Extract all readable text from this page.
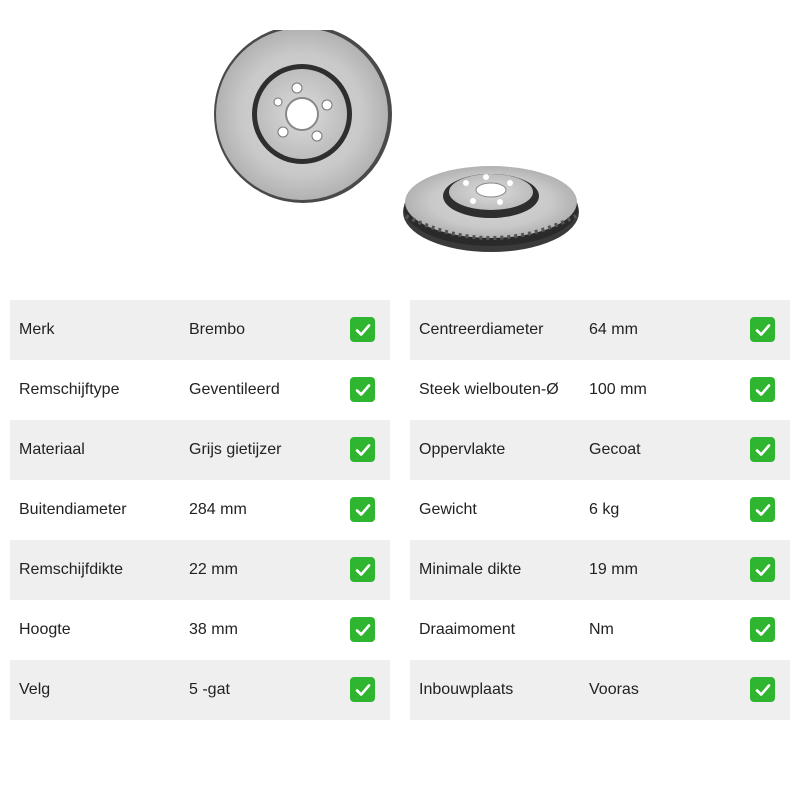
Merk	Brembo
Remschijftype	Geventileerd
Materiaal	Grijs gietijzer
Buitendiameter	284 mm
Remschijfdikte	22 mm
Hoogte	38 mm
Velg	5 -gat
Centreerdiameter	64 mm
Steek wielbouten-Ø 100 mm
Oppervlakte	Gecoat
Gewicht	6 kg
Minimale dikte	19 mm
Draaimoment	Nm
Inbouwplaats	Vooras
